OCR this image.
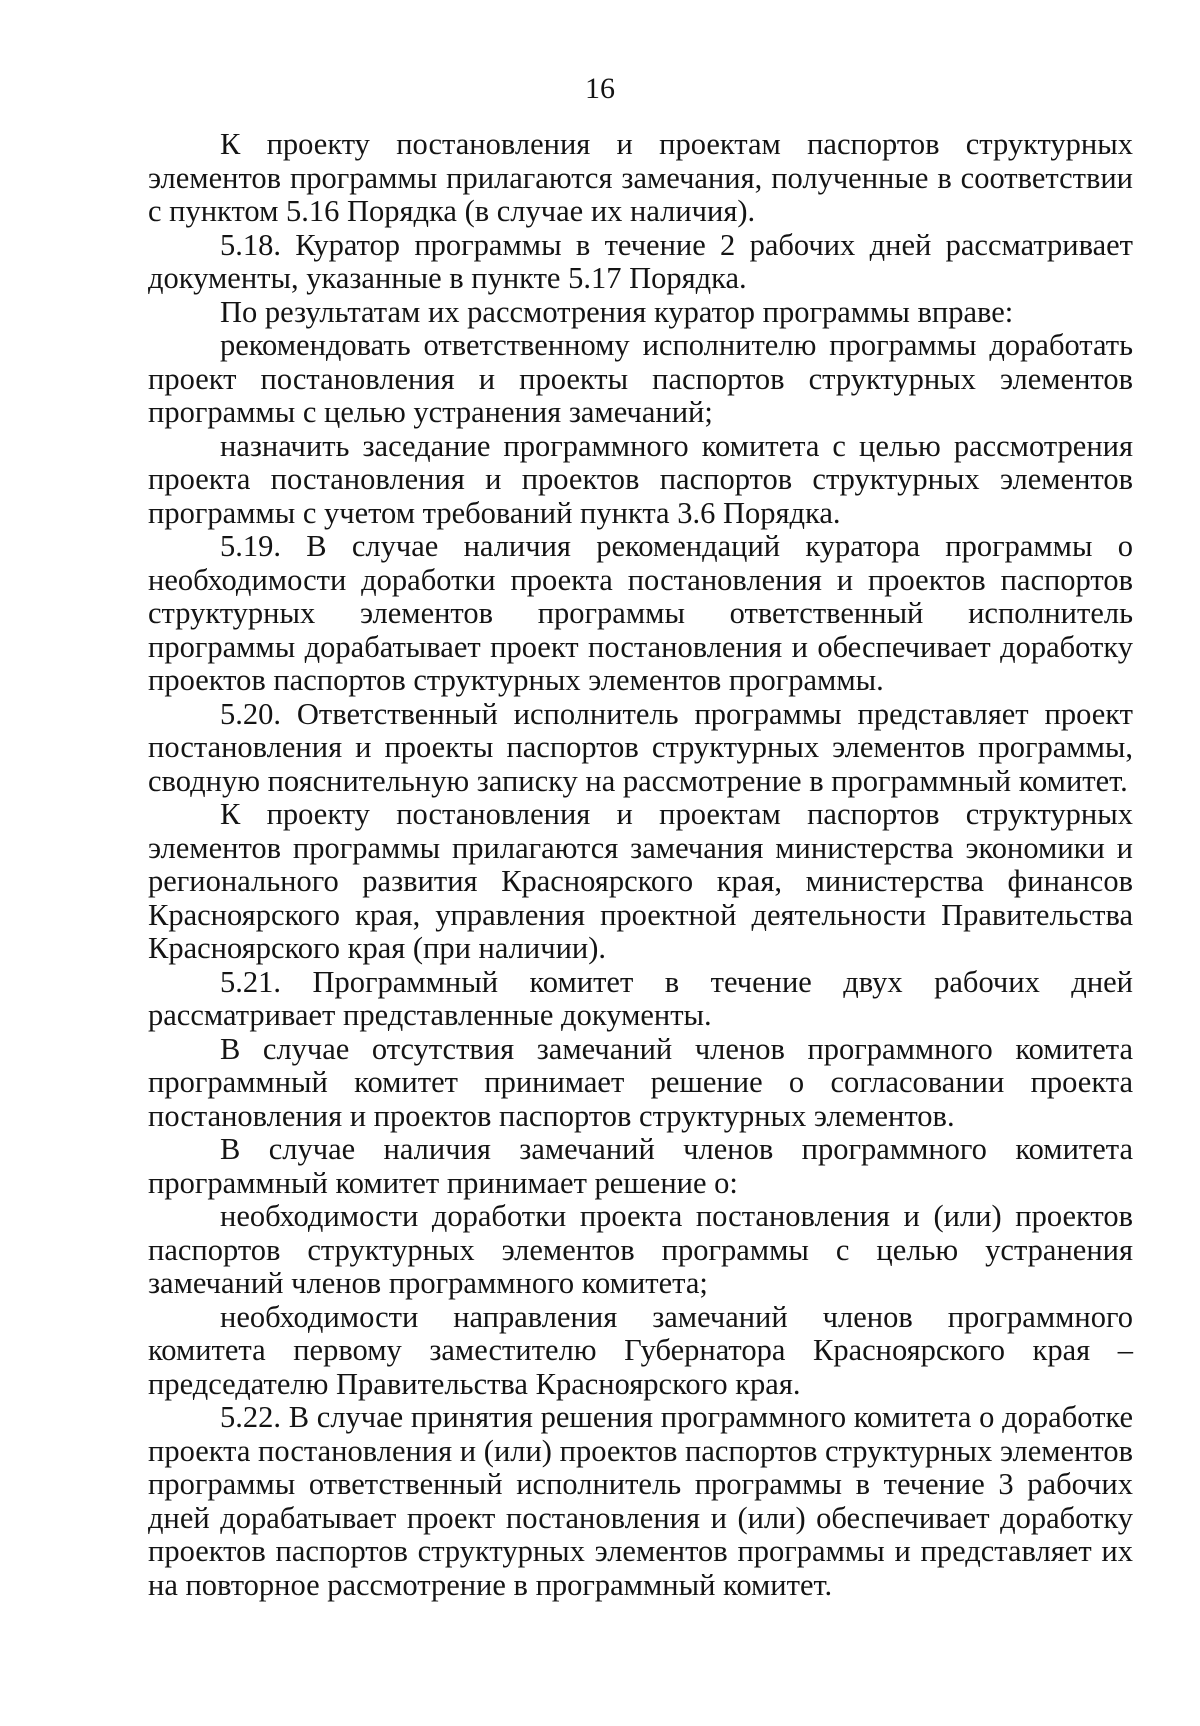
16

К проекту постановления и проектам паспортов структурных элементов программы прилагаются замечания, полученные в соответствии с пунктом 5.16 Порядка (в случае их наличия).

5.18. Куратор программы в течение 2 рабочих дней рассматривает документы, указанные в пункте 5.17 Порядка.

По результатам их рассмотрения куратор программы вправе:

рекомендовать ответственному исполнителю программы доработать проект постановления и проекты паспортов структурных элементов программы с целью устранения замечаний;

назначить заседание программного комитета с целью рассмотрения проекта постановления и проектов паспортов структурных элементов программы с учетом требований пункта 3.6 Порядка.

5.19. В случае наличия рекомендаций куратора программы о необходимости доработки проекта постановления и проектов паспортов структурных элементов программы ответственный исполнитель программы дорабатывает проект постановления и обеспечивает доработку проектов паспортов структурных элементов программы.

5.20. Ответственный исполнитель программы представляет проект постановления и проекты паспортов структурных элементов программы, сводную пояснительную записку на рассмотрение в программный комитет.

К проекту постановления и проектам паспортов структурных элементов программы прилагаются замечания министерства экономики и регионального развития Красноярского края, министерства финансов Красноярского края, управления проектной деятельности Правительства Красноярского края (при наличии).

5.21. Программный комитет в течение двух рабочих дней рассматривает представленные документы.

В случае отсутствия замечаний членов программного комитета программный комитет принимает решение о согласовании проекта постановления и проектов паспортов структурных элементов.

В случае наличия замечаний членов программного комитета программный комитет принимает решение о:

необходимости доработки проекта постановления и (или) проектов паспортов структурных элементов программы с целью устранения замечаний членов программного комитета;

необходимости направления замечаний членов программного комитета первому заместителю Губернатора Красноярского края – председателю Правительства Красноярского края.

5.22. В случае принятия решения программного комитета о доработке проекта постановления и (или) проектов паспортов структурных элементов программы ответственный исполнитель программы в течение 3 рабочих дней дорабатывает проект постановления и (или) обеспечивает доработку проектов паспортов структурных элементов программы и представляет их на повторное рассмотрение в программный комитет.
